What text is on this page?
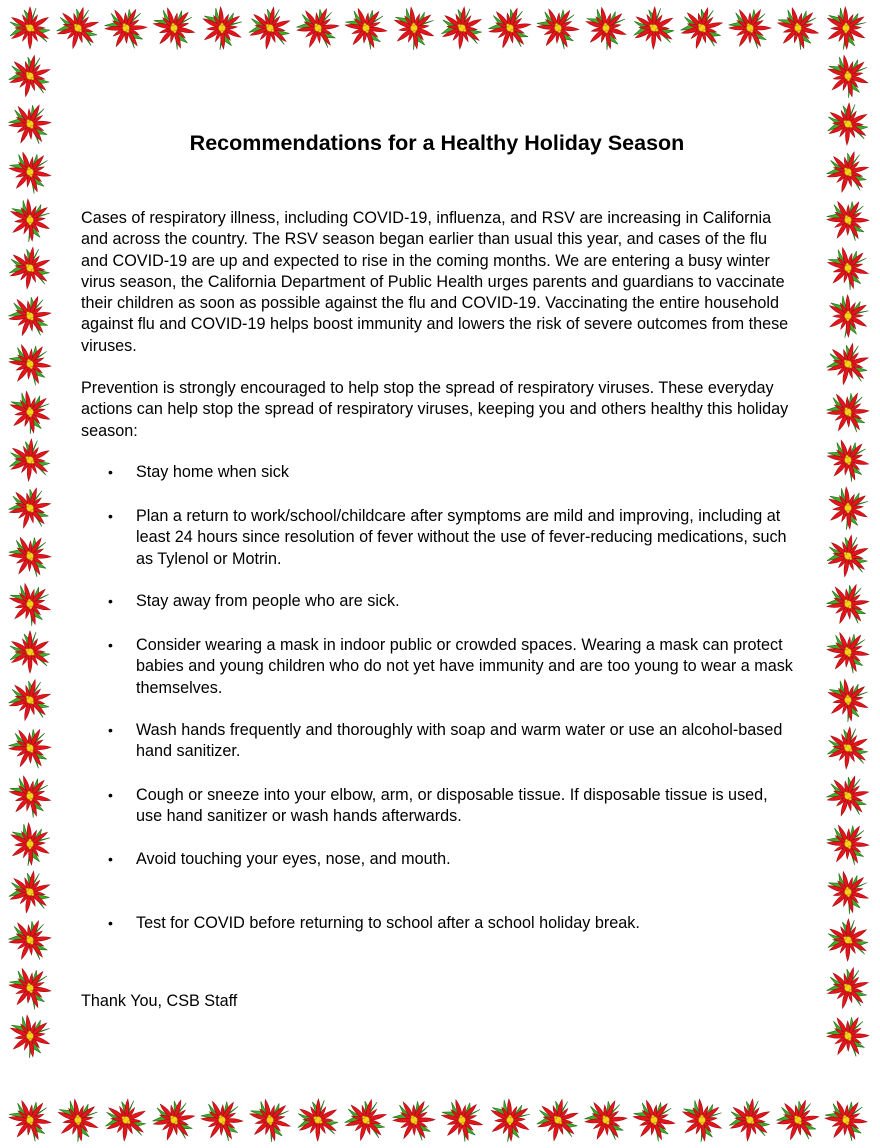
Recommendations for a Healthy Holiday Season

Cases of respiratory illness, including COVID-19, influenza, and RSV are increasing in California and across the country. The RSV season began earlier than usual this year, and cases of the flu and COVID-19 are up and expected to rise in the coming months. We are entering a busy winter virus season, the California Department of Public Health urges parents and guardians to vaccinate their children as soon as possible against the flu and COVID-19. Vaccinating the entire household against flu and COVID-19 helps boost immunity and lowers the risk of severe outcomes from these viruses.

Prevention is strongly encouraged to help stop the spread of respiratory viruses. These everyday actions can help stop the spread of respiratory viruses, keeping you and others healthy this holiday season:

• Stay home when sick
• Plan a return to work/school/childcare after symptoms are mild and improving, including at least 24 hours since resolution of fever without the use of fever-reducing medications, such as Tylenol or Motrin.
• Stay away from people who are sick.
• Consider wearing a mask in indoor public or crowded spaces. Wearing a mask can protect babies and young children who do not yet have immunity and are too young to wear a mask themselves.
• Wash hands frequently and thoroughly with soap and warm water or use an alcohol-based hand sanitizer.
• Cough or sneeze into your elbow, arm, or disposable tissue. If disposable tissue is used, use hand sanitizer or wash hands afterwards.
• Avoid touching your eyes, nose, and mouth.
• Test for COVID before returning to school after a school holiday break.

Thank You, CSB Staff
